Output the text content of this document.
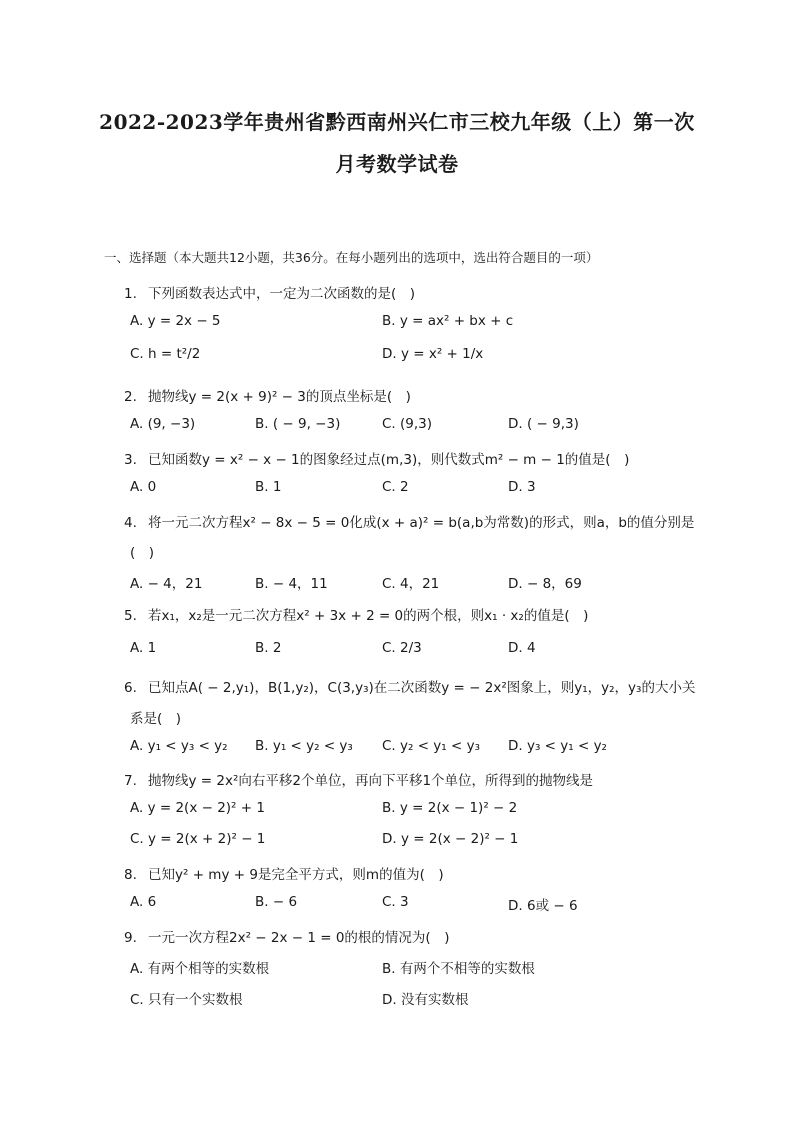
2022-2023学年贵州省黔西南州兴仁市三校九年级（上）第一次
月考数学试卷
一、选择题（本大题共12小题，共36分。在每小题列出的选项中，选出符合题目的一项）
1. 下列函数表达式中，一定为二次函数的是(　)
A. y = 2x − 5	B. y = ax² + bx + c
C. h = t²/2	D. y = x² + 1/x
2. 抛物线y = 2(x + 9)² − 3的顶点坐标是(　)
A. (9, −3)	B. ( − 9, −3)	C. (9,3)	D. ( − 9,3)
3. 已知函数y = x² − x − 1的图象经过点(m,3)，则代数式m² − m − 1的值是(　)
A. 0	B. 1	C. 2	D. 3
4. 将一元二次方程x² − 8x − 5 = 0化成(x + a)² = b(a,b为常数)的形式，则a，b的值分别是
(　)
A. − 4，21	B. − 4，11	C. 4，21	D. − 8，69
5. 若x₁，x₂是一元二次方程x² + 3x + 2 = 0的两个根，则x₁ · x₂的值是(　)
A. 1	B. 2	C. 2/3	D. 4
6. 已知点A( − 2,y₁)，B(1,y₂)，C(3,y₃)在二次函数y = − 2x²图象上，则y₁，y₂，y₃的大小关
系是(　)
A. y₁ < y₃ < y₂ B. y₁ < y₂ < y₃ C. y₂ < y₁ < y₃ D. y₃ < y₁ < y₂
7. 抛物线y = 2x²向右平移2个单位，再向下平移1个单位，所得到的抛物线是
A. y = 2(x − 2)² + 1	B. y = 2(x − 1)² − 2
C. y = 2(x + 2)² − 1	D. y = 2(x − 2)² − 1
8. 已知y² + my + 9是完全平方式，则m的值为(　)
A. 6	B. − 6	C. 3	D. 6或 − 6
9. 一元一次方程2x² − 2x − 1 = 0的根的情况为(　)
A. 有两个相等的实数根	B. 有两个不相等的实数根
C. 只有一个实数根	D. 没有实数根
